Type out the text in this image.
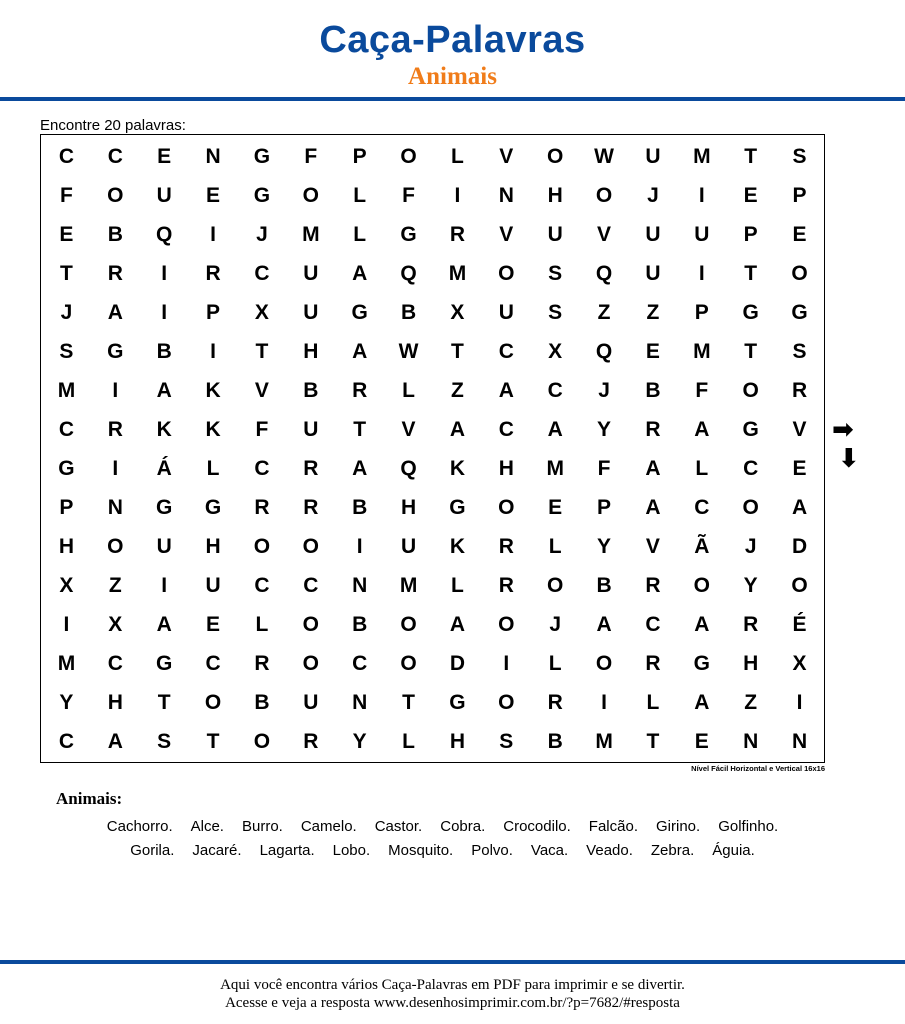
Caça-Palavras
Animais
Encontre 20 palavras:
C	C	E	N	G	F	P	O	L	V	O	W	U	M	T	S
F	O	U	E	G	O	L	F	I	N	H	O	J	I	E	P
E	B	Q	I	J	M	L	G	R	V	U	V	U	U	P	E
T	R	I	R	C	U	A	Q	M	O	S	Q	U	I	T	O
J	A	I	P	X	U	G	B	X	U	S	Z	Z	P	G	G
S	G	B	I	T	H	A	W	T	C	X	Q	E	M	T	S
M	I	A	K	V	B	R	L	Z	A	C	J	B	F	O	R
C	R	K	K	F	U	T	V	A	C	A	Y	R	A	G	V
G	I	Á	L	C	R	A	Q	K	H	M	F	A	L	C	E
P	N	G	G	R	R	B	H	G	O	E	P	A	C	O	A
H	O	U	H	O	O	I	U	K	R	L	Y	V	Ã	J	D
X	Z	I	U	C	C	N	M	L	R	O	B	R	O	Y	O
I	X	A	E	L	O	B	O	A	O	J	A	C	A	R	É
M	C	G	C	R	O	C	O	D	I	L	O	R	G	H	X
Y	H	T	O	B	U	N	T	G	O	R	I	L	A	Z	I
C	A	S	T	O	R	Y	L	H	S	B	M	T	E	N	N
Nível Fácil Horizontal e Vertical 16x16
➡
⬇
Animais:
Cachorro. Alce. Burro. Camelo. Castor. Cobra. Crocodilo. Falcão. Girino. Golfinho.
Gorila. Jacaré. Lagarta. Lobo. Mosquito. Polvo. Vaca. Veado. Zebra. Águia.
Aqui você encontra vários Caça-Palavras em PDF para imprimir e se divertir.
Acesse e veja a resposta www.desenhosimprimir.com.br/?p=7682/#resposta
